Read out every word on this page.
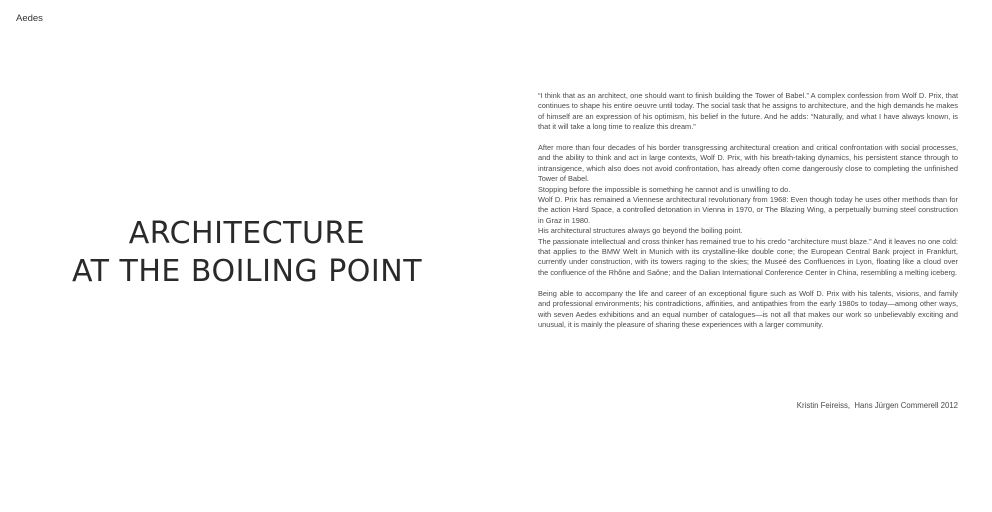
Aedes

ARCHITECTURE
AT THE BOILING POINT

“I think that as an architect, one should want to finish building the Tower of Babel.” A complex confession from Wolf D. Prix, that continues to shape his entire oeuvre until today. The social task that he assigns to architecture, and the high demands he makes of himself are an expression of his optimism, his belief in the future. And he adds: “Naturally, and what I have always known, is that it will take a long time to realize this dream.”

After more than four decades of his border transgressing architectural creation and critical confrontation with social processes, and the ability to think and act in large contexts, Wolf D. Prix, with his breath-taking dynamics, his persistent stance through to intransigence, which also does not avoid confrontation, has already often come dangerously close to completing the unfinished Tower of Babel.

Stopping before the impossible is something he cannot and is unwilling to do.

Wolf D. Prix has remained a Viennese architectural revolutionary from 1968: Even though today he uses other methods than for the action Hard Space, a controlled detonation in Vienna in 1970, or The Blazing Wing, a perpetually burning steel construction in Graz in 1980.

His architectural structures always go beyond the boiling point.

The passionate intellectual and cross thinker has remained true to his credo “architecture must blaze.” And it leaves no one cold: that applies to the BMW Welt in Munich with its crystalline-like double cone; the European Central Bank project in Frankfurt, currently under construction, with its towers raging to the skies; the Museé des Confluences in Lyon, floating like a cloud over the confluence of the Rhône and Saône; and the Dalian International Conference Center in China, resembling a melting iceberg.

Being able to accompany the life and career of an exceptional figure such as Wolf D. Prix with his talents, visions, and family and professional environments; his contradictions, affinities, and antipathies from the early 1980s to today—among other ways, with seven Aedes exhibitions and an equal number of catalogues—is not all that makes our work so unbelievably exciting and unusual, it is mainly the pleasure of sharing these experiences with a larger community.

Kristin Feireiss,  Hans Jürgen Commerell 2012
